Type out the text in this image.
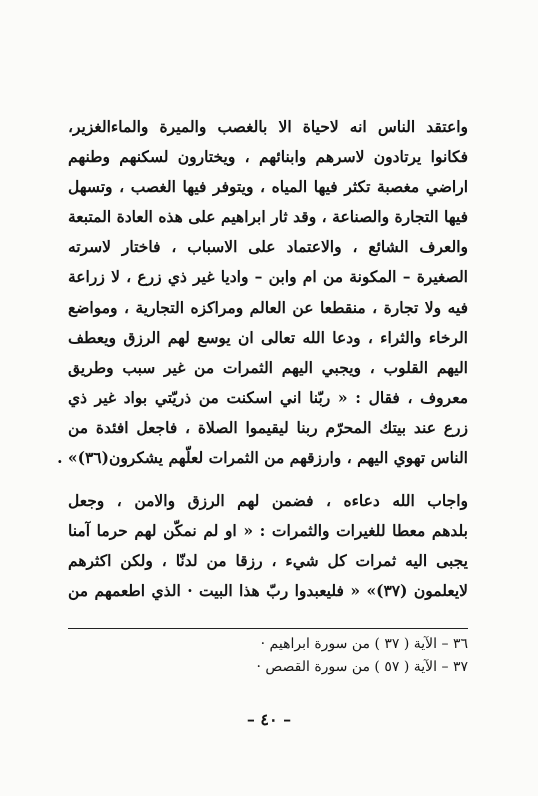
واعتقد الناس انه لاحياة الا بالغصب والميرة والماءالغزير،
فكانوا يرتادون لاسرهم وابنائهم ، ويختارون لسكنهم وطنهم
اراضي مغصبة تكثر فيها المياه ، ويتوفر فيها الغصب ، وتسهل
فيها التجارة والصناعة ، وقد ثار ابراهيم على هذه العادة المتبعة
والعرف الشائع ، والاعتماد على الاسباب ، فاختار لاسرته
الصغيرة – المكونة من ام وابن – واديا غير ذي زرع ، لا زراعة
فيه ولا تجارة ، منقطعا عن العالم ومراكزه التجارية ، ومواضع
الرخاء والثراء ، ودعا الله تعالى ان يوسع لهم الرزق ويعطف
اليهم القلوب ، ويجبي اليهم الثمرات من غير سبب وطريق
معروف ، فقال : « ربّنا اني اسكنت من ذريّتي بواد غير ذي
زرع عند بيتك المحرّم ربنا ليقيموا الصلاة ، فاجعل افئدة من
الناس تهوي اليهم ، وارزقهم من الثمرات لعلّهم يشكرون(٣٦)» .
واجاب الله دعاءه ، فضمن لهم الرزق والامن ، وجعل
بلدهم معطا للغيرات والثمرات : « او لم نمكّن لهم حرما آمنا
يجبى اليه ثمرات كل شيء ، رزقا من لدنّا ، ولكن اكثرهم
لايعلمون (٣٧)» « فليعبدوا ربّ هذا البيت · الذي اطعمهم من
٣٦ – الآية ( ٣٧ ) من سورة ابراهيم ·
٣٧ – الآية ( ٥٧ ) من سورة القصص ·
– ٤٠ –
